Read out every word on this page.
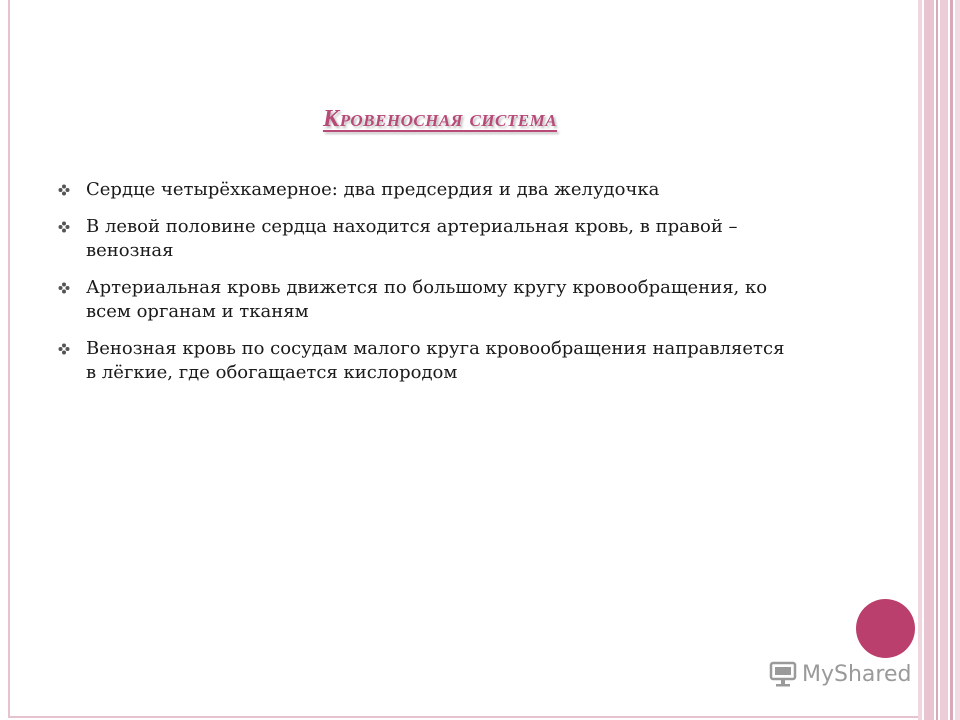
Кровеносная система
Сердце четырёхкамерное: два предсердия и два желудочка
В левой половине сердца находится артериальная кровь, в правой – венозная
Артериальная кровь движется по большому кругу кровообращения, ко всем органам и тканям
Венозная кровь по сосудам малого круга кровообращения направляется в лёгкие, где обогащается кислородом
MyShared
